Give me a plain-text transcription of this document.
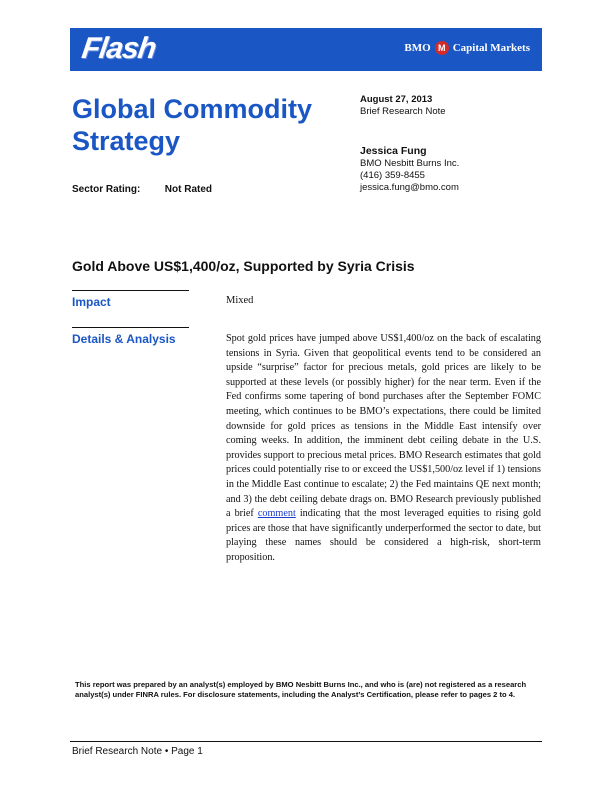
Flash	BMO M Capital Markets
Global Commodity
Strategy
August 27, 2013
Brief Research Note
Jessica Fung
BMO Nesbitt Burns Inc.
(416) 359-8455
jessica.fung@bmo.com
Sector Rating: Not Rated
Gold Above US$1,400/oz, Supported by Syria Crisis
Impact	Mixed
Details & Analysis	Spot gold prices have jumped above US$1,400/oz on the back of escalating tensions in Syria. Given that geopolitical events tend to be considered an upside “surprise” factor for precious metals, gold prices are likely to be supported at these levels (or possibly higher) for the near term. Even if the Fed confirms some tapering of bond purchases after the September FOMC meeting, which continues to be BMO’s expectations, there could be limited downside for gold prices as tensions in the Middle East intensify over coming weeks. In addition, the imminent debt ceiling debate in the U.S. provides support to precious metal prices. BMO Research estimates that gold prices could potentially rise to or exceed the US$1,500/oz level if 1) tensions in the Middle East continue to escalate; 2) the Fed maintains QE next month; and 3) the debt ceiling debate drags on. BMO Research previously published a brief comment indicating that the most leveraged equities to rising gold prices are those that have significantly underperformed the sector to date, but playing these names should be considered a high-risk, short-term proposition.
This report was prepared by an analyst(s) employed by BMO Nesbitt Burns Inc., and who is (are) not registered as a research analyst(s) under FINRA rules. For disclosure statements, including the Analyst’s Certification, please refer to pages 2 to 4.
Brief Research Note • Page 1
